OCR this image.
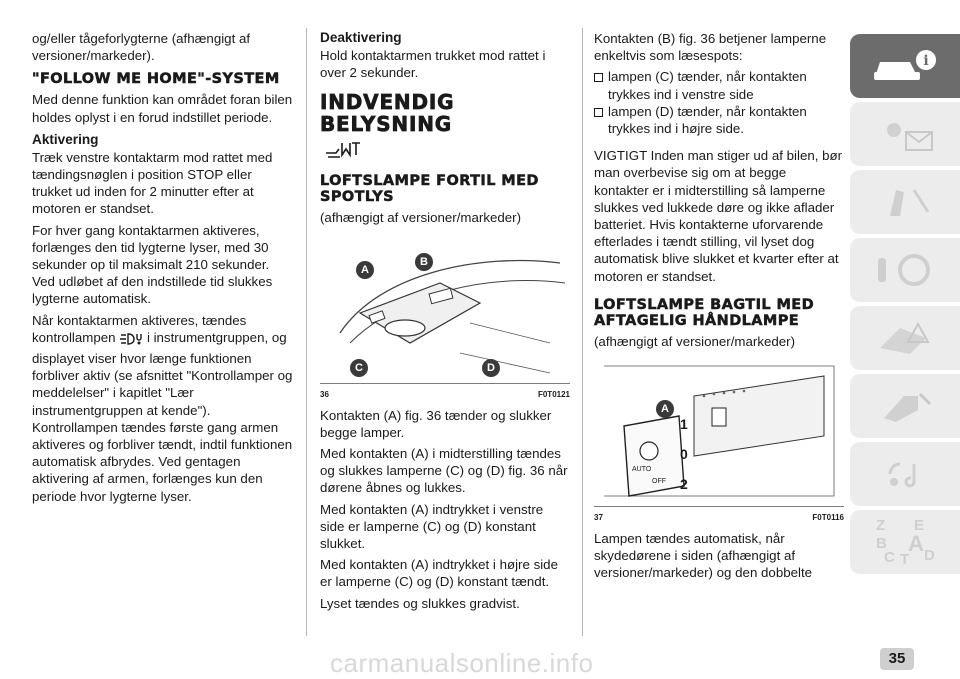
og/eller tågeforlygterne (afhængigt af versioner/markeder).

"FOLLOW ME HOME"-SYSTEM

Med denne funktion kan området foran bilen holdes oplyst i en forud indstillet periode.

Aktivering

Træk venstre kontaktarm mod rattet med tændingsnøglen i position STOP eller trukket ud inden for 2 minutter efter at motoren er standset.

For hver gang kontaktarmen aktiveres, forlænges den tid lygterne lyser, med 30 sekunder op til maksimalt 210 sekunder. Ved udløbet af den indstillede tid slukkes lygterne automatisk.

Når kontaktarmen aktiveres, tændes kontrollampen i instrumentgruppen, og displayet viser hvor længe funktionen forbliver aktiv (se afsnittet "Kontrollamper og meddelelser" i kapitlet "Lær instrumentgruppen at kende"). Kontrollampen tændes første gang armen aktiveres og forbliver tændt, indtil funktionen automatisk afbrydes. Ved gentagen aktivering af armen, forlænges kun den periode hvor lygterne lyser.

Deaktivering

Hold kontaktarmen trukket mod rattet i over 2 sekunder.

INDVENDIG BELYSNING
LOFTSLAMPE FORTIL MED SPOTLYS

(afhængigt af versioner/markeder)

A
B
C	D
36	F0T0121

Kontakten (A) fig. 36 tænder og slukker begge lamper.

Med kontakten (A) i midterstilling tændes og slukkes lamperne (C) og (D) fig. 36 når dørene åbnes og lukkes.

Med kontakten (A) indtrykket i venstre side er lamperne (C) og (D) konstant slukket.

Med kontakten (A) indtrykket i højre side er lamperne (C) og (D) konstant tændt.

Lyset tændes og slukkes gradvist.

Kontakten (B) fig. 36 betjener lamperne enkeltvis som læsespots:

lampen (C) tænder, når kontakten trykkes ind i venstre side

lampen (D) tænder, når kontakten trykkes ind i højre side.

VIGTIGT Inden man stiger ud af bilen, bør man overbevise sig om at begge kontakter er i midterstilling så lamperne slukkes ved lukkede døre og ikke aflader batteriet. Hvis kontakterne uforvarende efterlades i tændt stilling, vil lyset dog automatisk blive slukket et kvarter efter at motoren er standset.

LOFTSLAMPE BAGTIL MED AFTAGELIG HÅNDLAMPE

(afhængigt af versioner/markeder)

A
1
0
2
AUTO
OFF
37	F0T0116

Lampen tændes automatisk, når skydedørene i siden (afhængigt af versioner/markeder) og den dobbelte

i
Z E
B A
C T D
carmanualsonline.info	35
